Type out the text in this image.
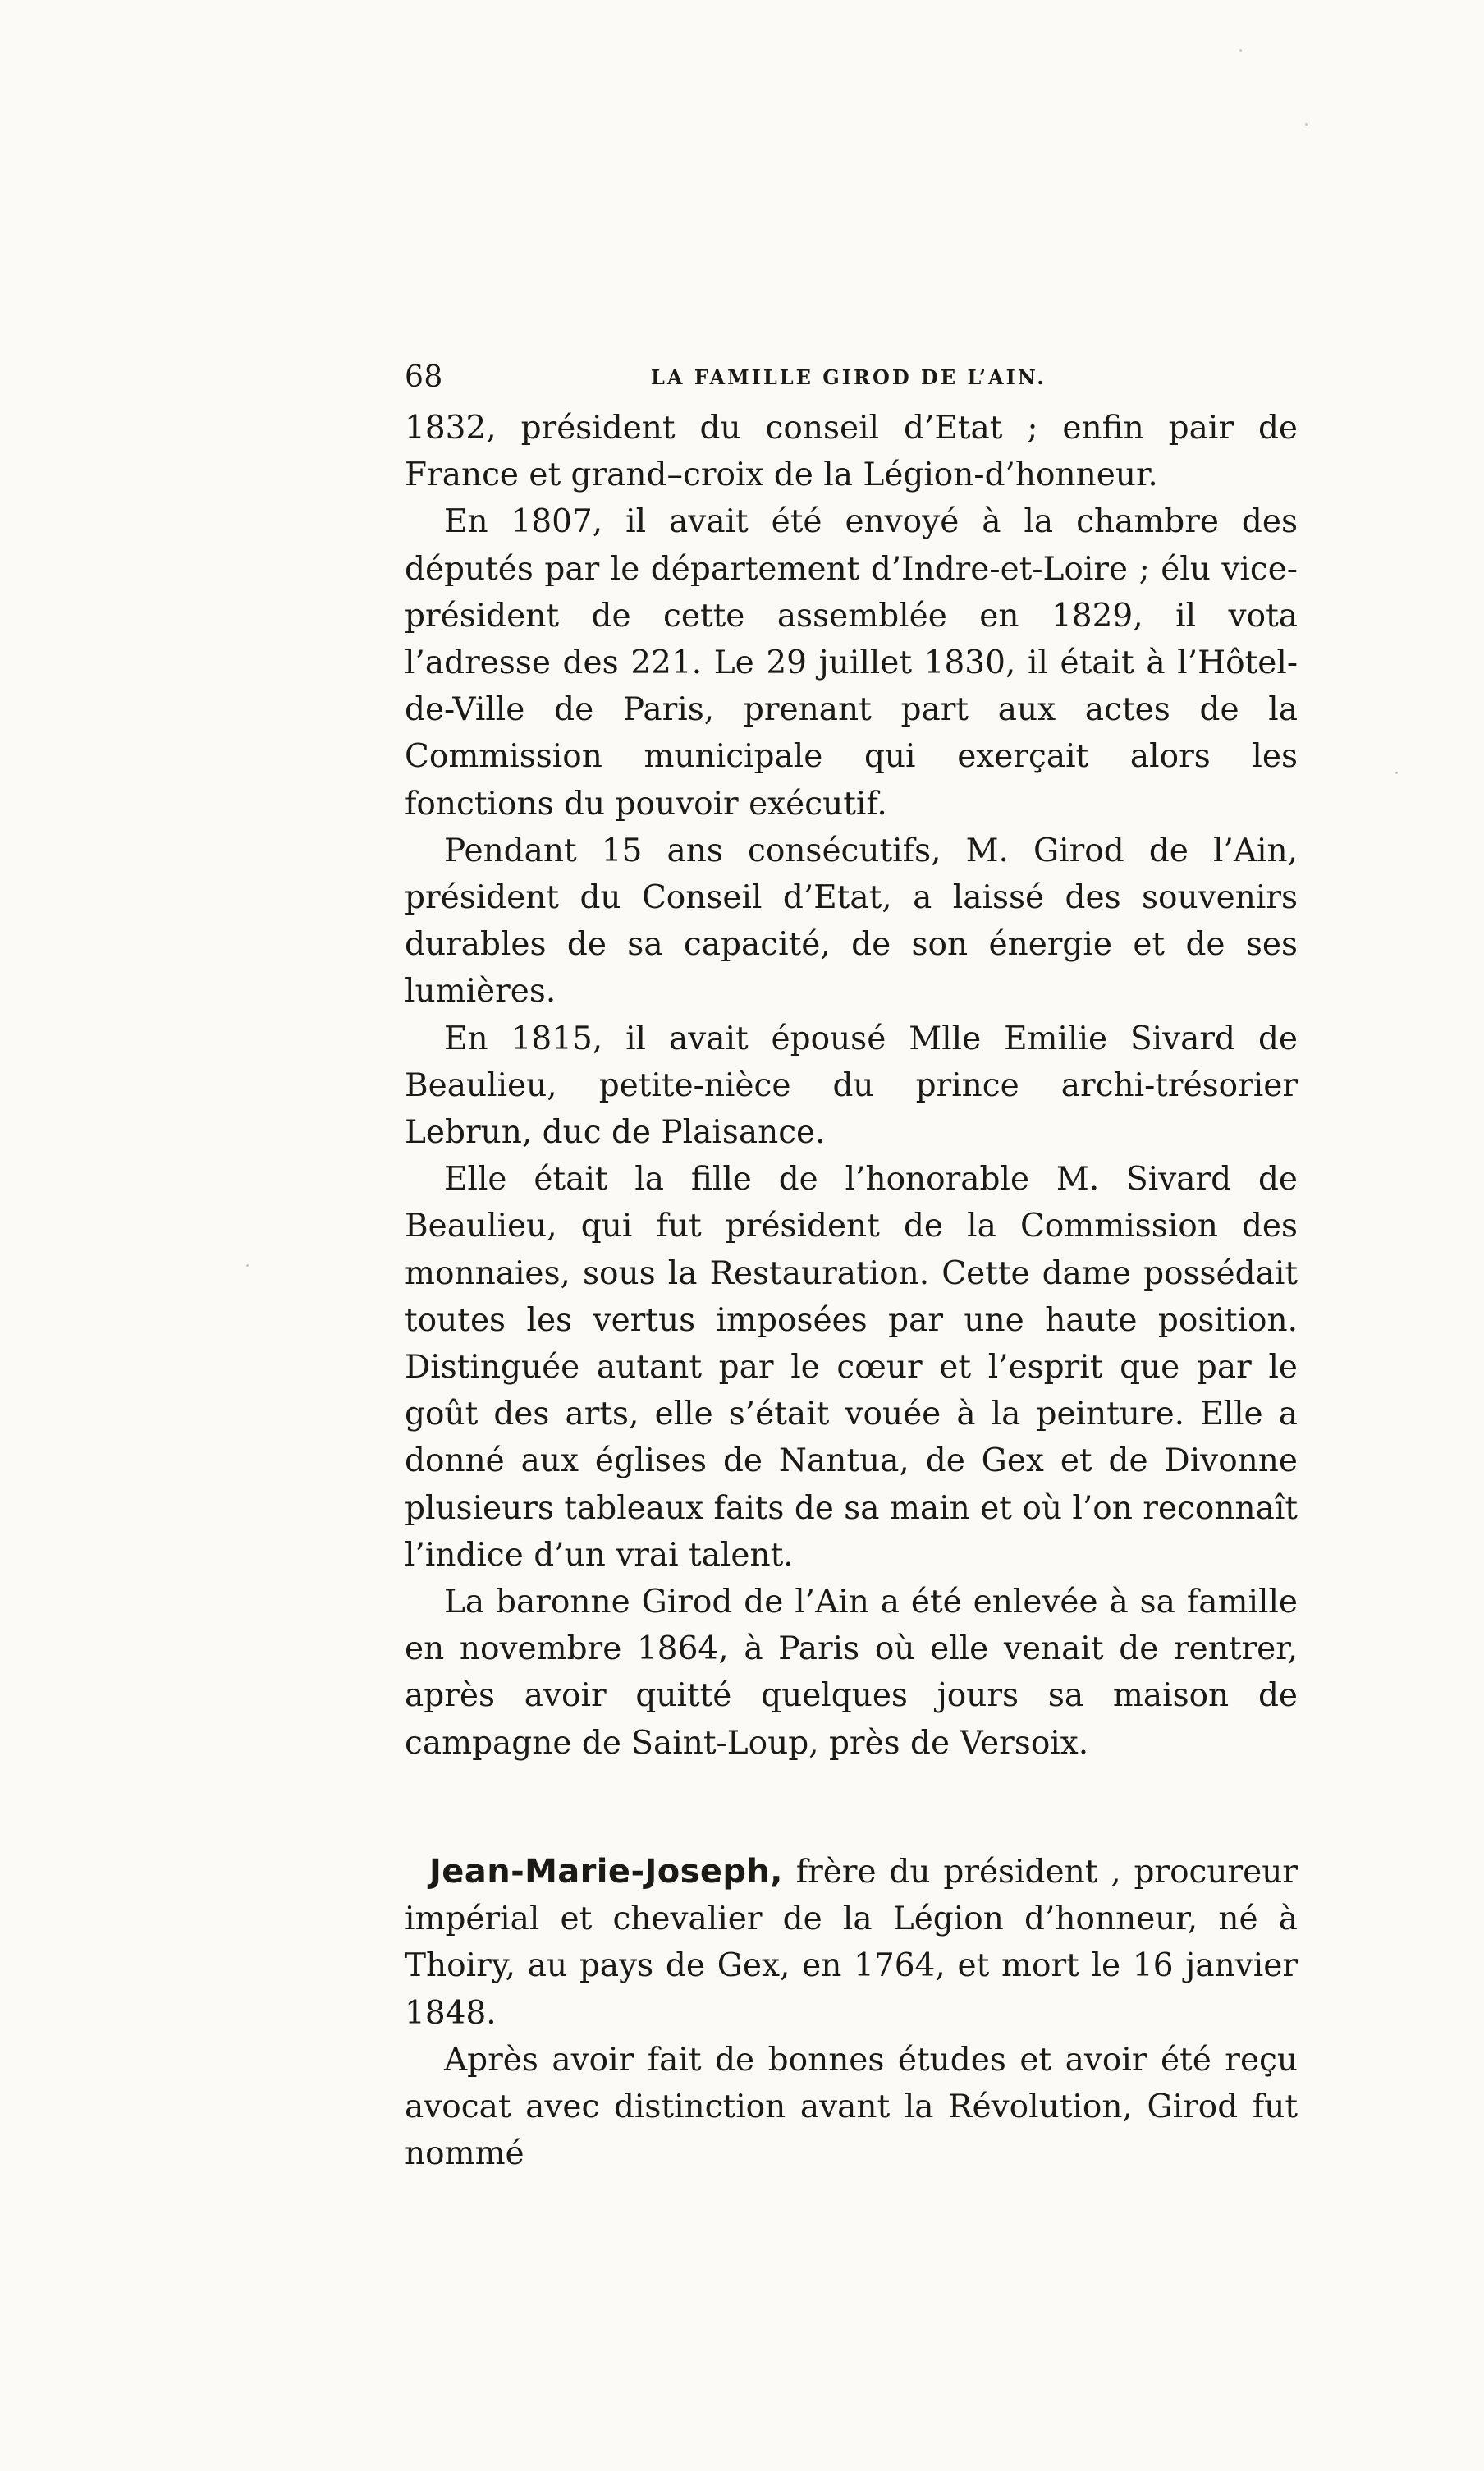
68	LA FAMILLE GIROD DE L’AIN.

1832, président du conseil d’Etat ; enfin pair de France et grand–croix de la Légion-d’honneur.

En 1807, il avait été envoyé à la chambre des députés par le département d’Indre-et-Loire ; élu vice-président de cette assemblée en 1829, il vota l’adresse des 221. Le 29 juillet 1830, il était à l’Hôtel-de-Ville de Paris, prenant part aux actes de la Commission municipale qui exerçait alors les fonctions du pouvoir exécutif.

Pendant 15 ans consécutifs, M. Girod de l’Ain, président du Conseil d’Etat, a laissé des souvenirs durables de sa capacité, de son énergie et de ses lumières.

En 1815, il avait épousé Mlle Emilie Sivard de Beaulieu, petite-nièce du prince archi-trésorier Lebrun, duc de Plaisance.

Elle était la fille de l’honorable M. Sivard de Beaulieu, qui fut président de la Commission des monnaies, sous la Restauration. Cette dame possédait toutes les vertus imposées par une haute position. Distinguée autant par le cœur et l’esprit que par le goût des arts, elle s’était vouée à la peinture. Elle a donné aux églises de Nantua, de Gex et de Divonne plusieurs tableaux faits de sa main et où l’on reconnaît l’indice d’un vrai talent.

La baronne Girod de l’Ain a été enlevée à sa famille en novembre 1864, à Paris où elle venait de rentrer, après avoir quitté quelques jours sa maison de campagne de Saint-Loup, près de Versoix.

Jean-Marie-Joseph, frère du président , procureur impérial et chevalier de la Légion d’honneur, né à Thoiry, au pays de Gex, en 1764, et mort le 16 janvier 1848.

Après avoir fait de bonnes études et avoir été reçu avocat avec distinction avant la Révolution, Girod fut nommé
